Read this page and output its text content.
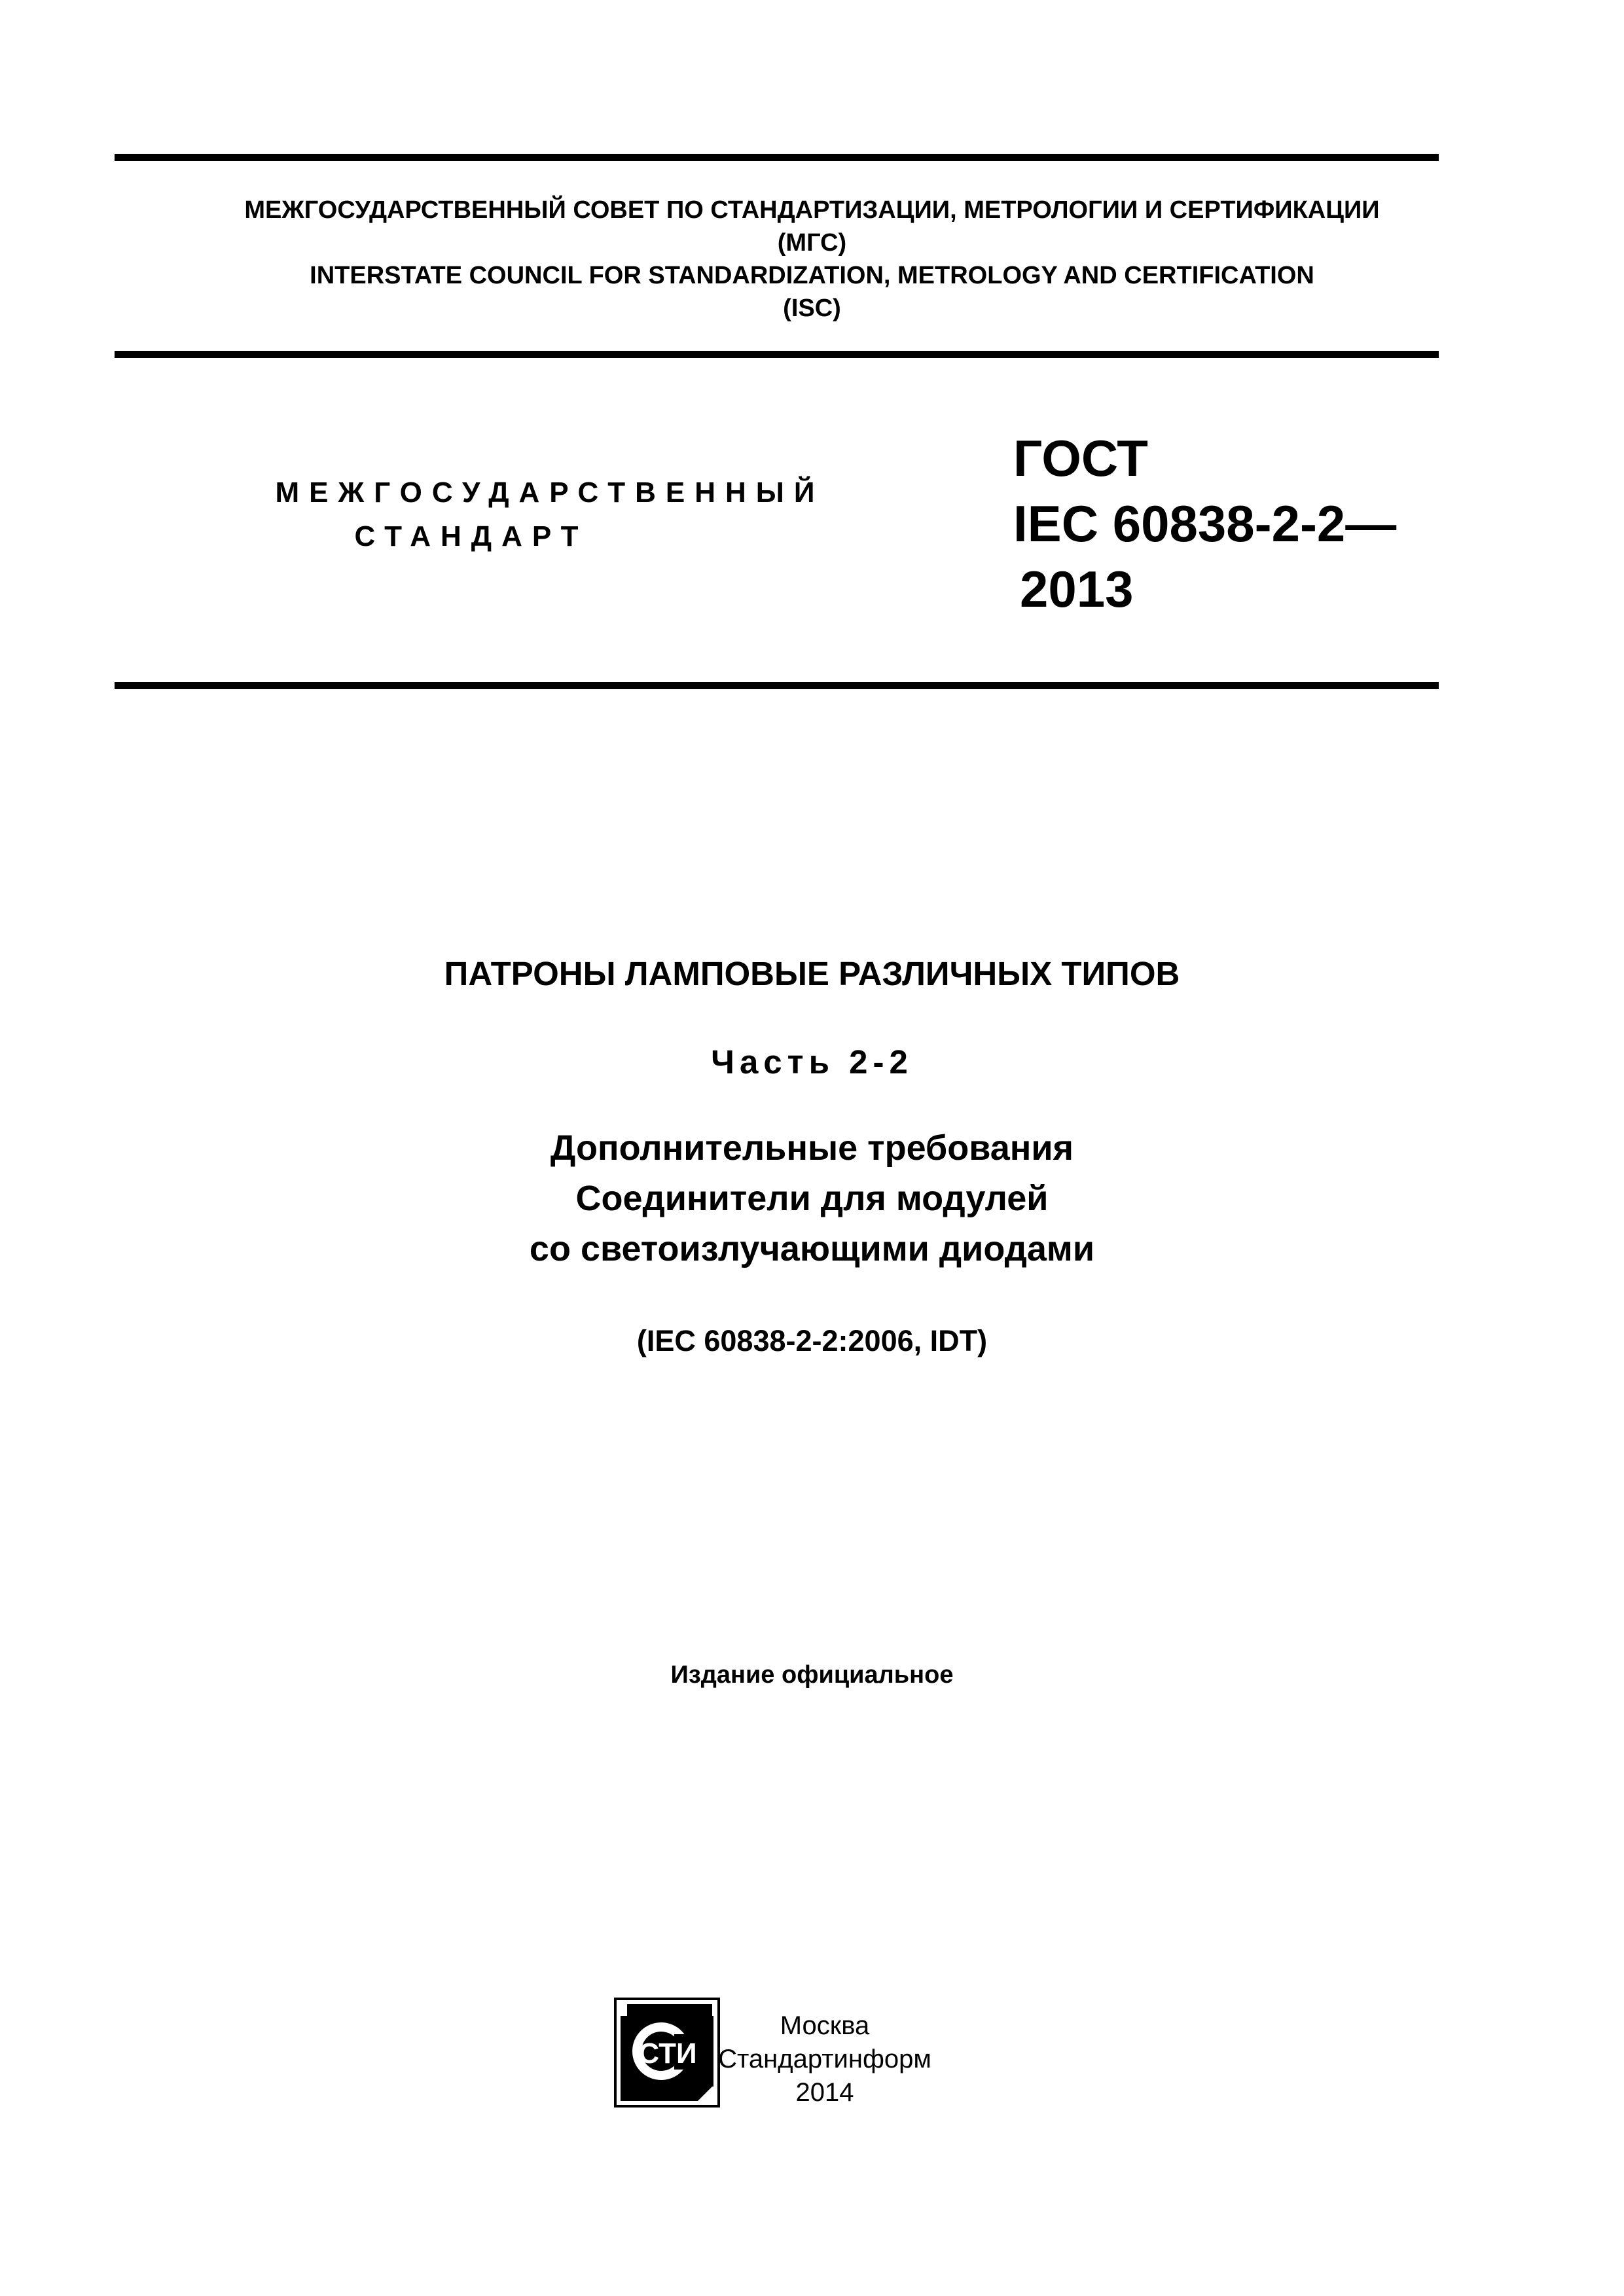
МЕЖГОСУДАРСТВЕННЫЙ СОВЕТ ПО СТАНДАРТИЗАЦИИ, МЕТРОЛОГИИ И СЕРТИФИКАЦИИ
(МГС)
INTERSTATE COUNCIL FOR STANDARDIZATION, METROLOGY AND CERTIFICATION
(ISC)
МЕЖГОСУДАРСТВЕННЫЙ
СТАНДАРТ
ГОСТ
IEC 60838-2-2—
2013
ПАТРОНЫ ЛАМПОВЫЕ РАЗЛИЧНЫХ ТИПОВ
Часть 2-2
Дополнительные требования
Соединители для модулей
со светоизлучающими диодами
(IEC 60838-2-2:2006, IDT)
Издание официальное
СТИ
Москва
Стандартинформ
2014
